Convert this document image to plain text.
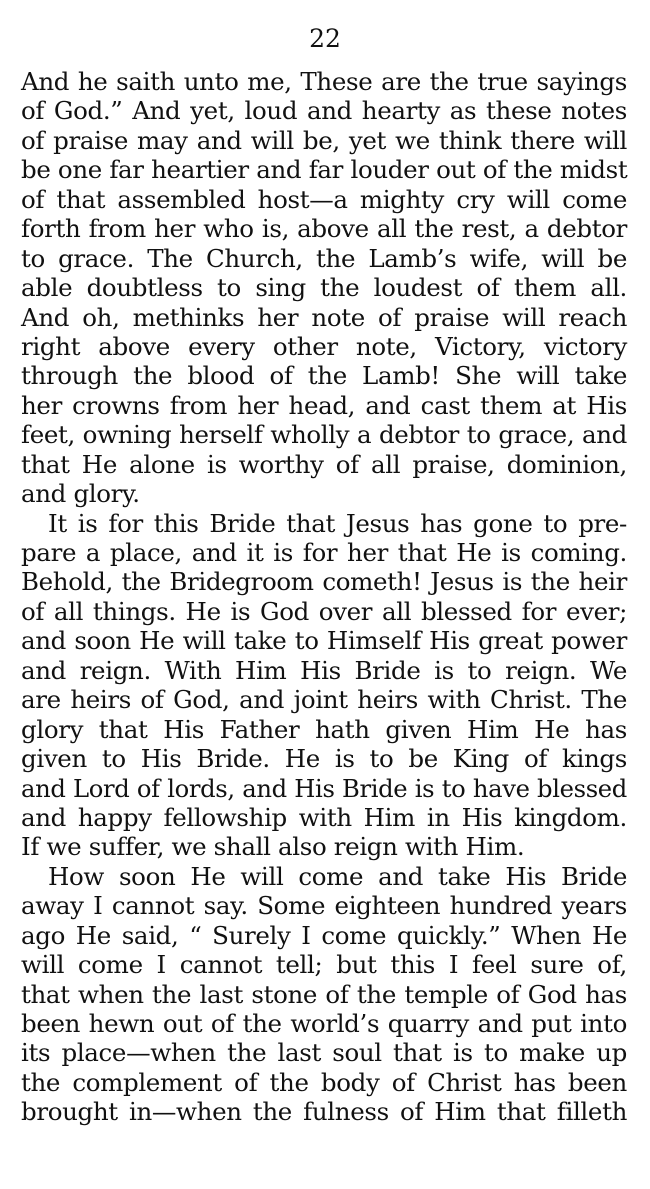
22
And he saith unto me, These are the true sayings
of God.” And yet, loud and hearty as these notes
of praise may and will be, yet we think there will
be one far heartier and far louder out of the midst
of that assembled host—a mighty cry will come
forth from her who is, above all the rest, a debtor
to grace. The Church, the Lamb’s wife, will be
able doubtless to sing the loudest of them all.
And oh, methinks her note of praise will reach
right above every other note, Victory, victory
through the blood of the Lamb! She will take
her crowns from her head, and cast them at His
feet, owning herself wholly a debtor to grace, and
that He alone is worthy of all praise, dominion,
and glory.
It is for this Bride that Jesus has gone to pre-
pare a place, and it is for her that He is coming.
Behold, the Bridegroom cometh! Jesus is the heir
of all things. He is God over all blessed for ever;
and soon He will take to Himself His great power
and reign. With Him His Bride is to reign. We
are heirs of God, and joint heirs with Christ. The
glory that His Father hath given Him He has
given to His Bride. He is to be King of kings
and Lord of lords, and His Bride is to have blessed
and happy fellowship with Him in His kingdom.
If we suffer, we shall also reign with Him.
How soon He will come and take His Bride
away I cannot say. Some eighteen hundred years
ago He said, “ Surely I come quickly.” When He
will come I cannot tell; but this I feel sure of,
that when the last stone of the temple of God has
been hewn out of the world’s quarry and put into
its place—when the last soul that is to make up
the complement of the body of Christ has been
brought in—when the fulness of Him that filleth
